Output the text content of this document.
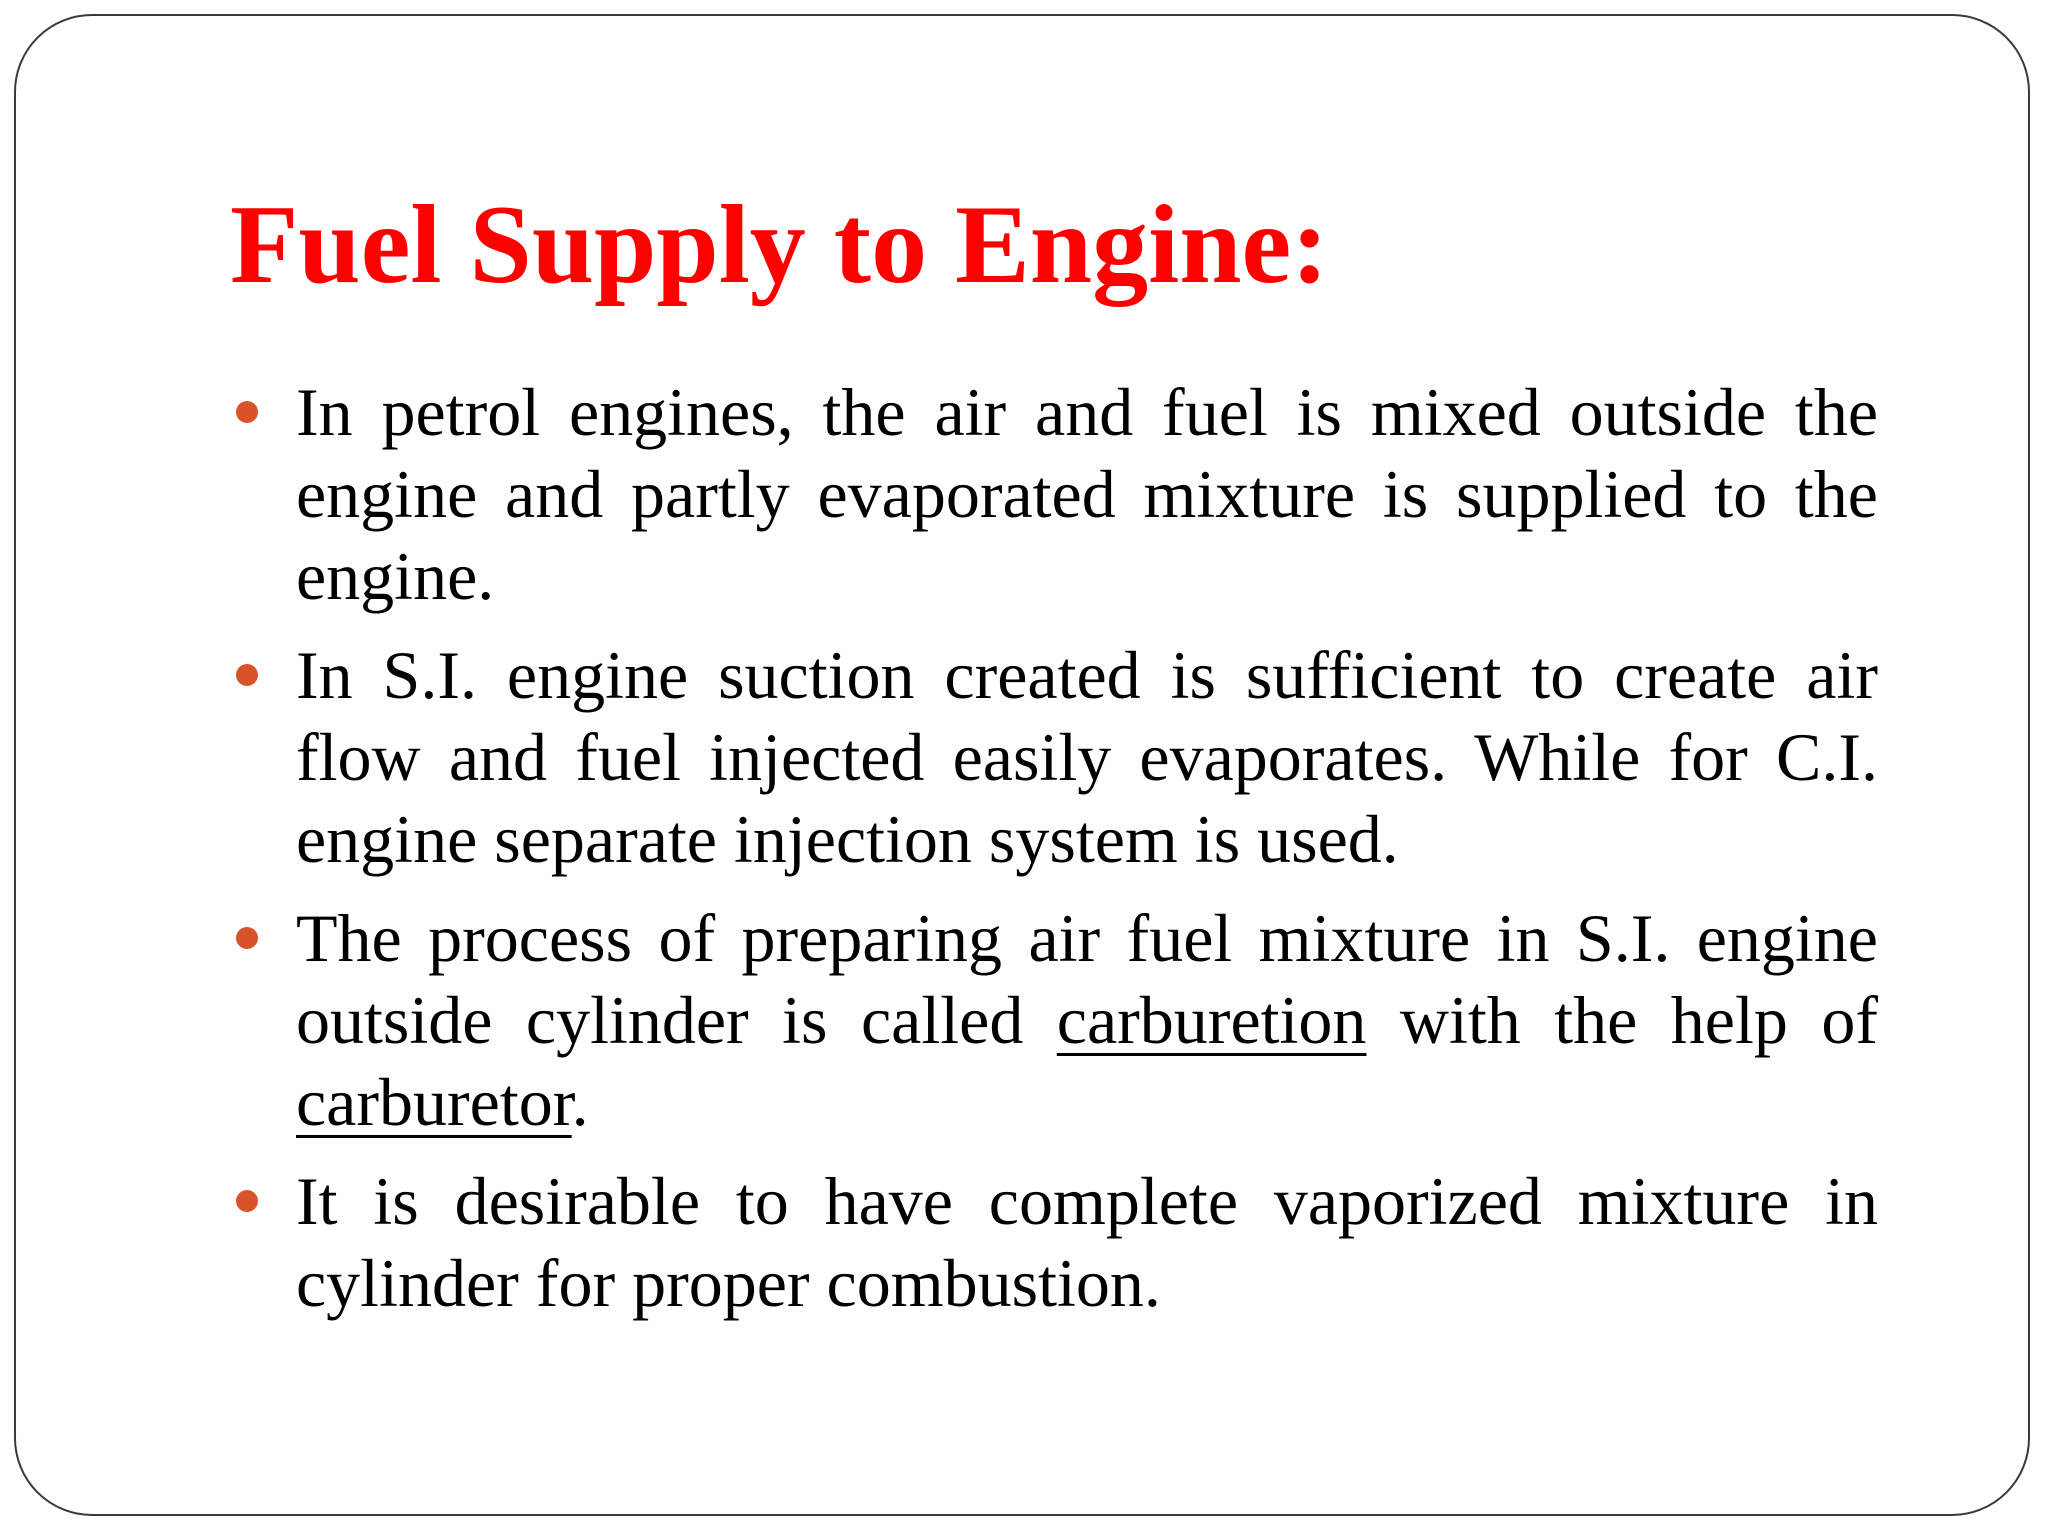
Fuel Supply to Engine:
In petrol engines, the air and fuel is mixed outside the engine and partly evaporated mixture is supplied to the engine.
In S.I. engine suction created is sufficient to create air flow and fuel injected easily evaporates. While for C.I. engine separate injection system is used.
The process of preparing air fuel mixture in S.I. engine outside cylinder is called carburetion with the help of carburetor.
It is desirable to have complete vaporized mixture in cylinder for proper combustion.
